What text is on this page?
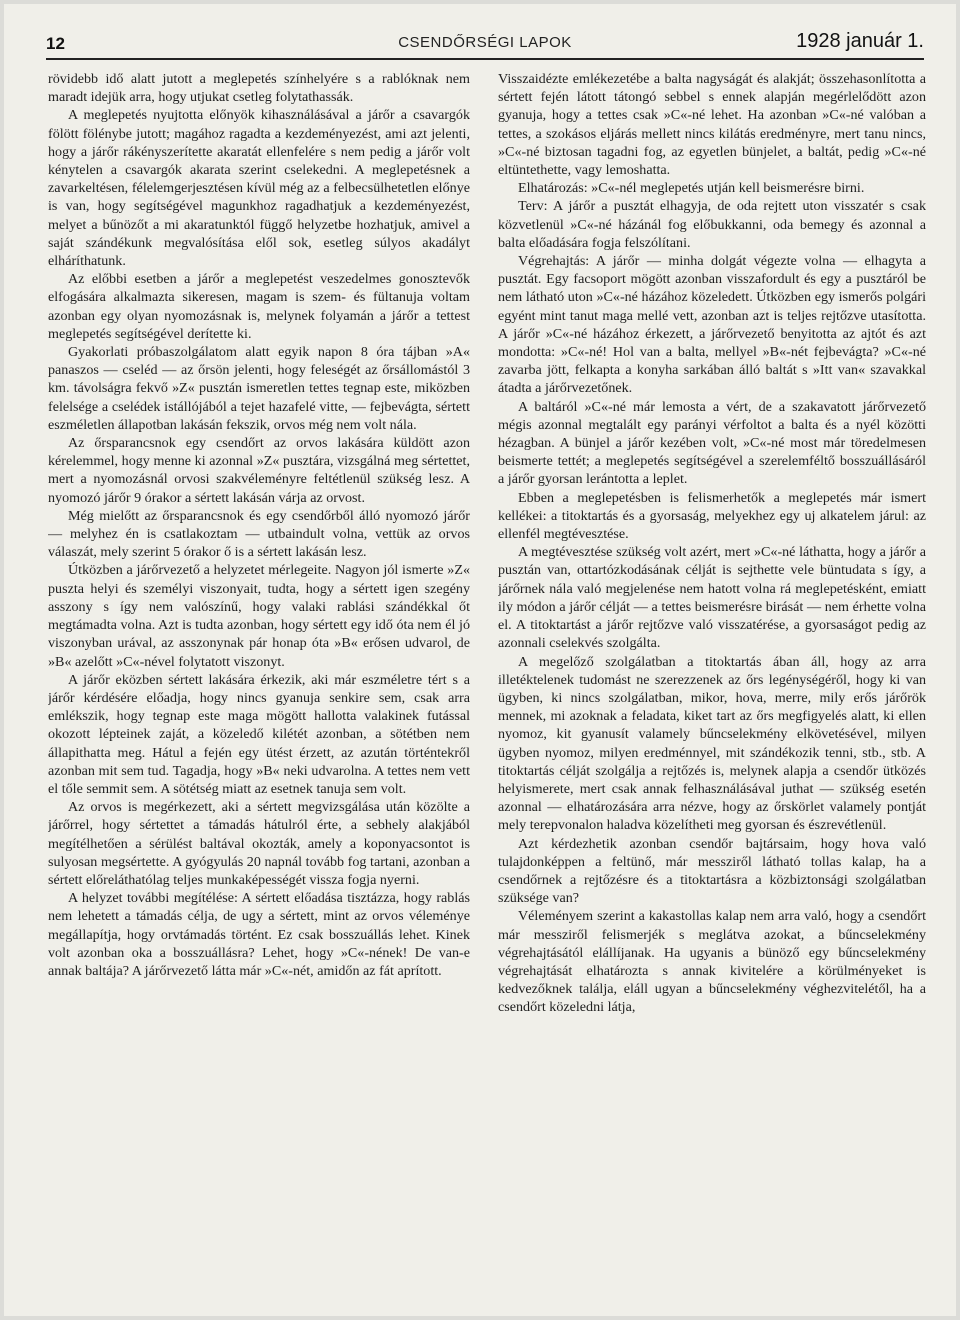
12	CSENDŐRSÉGI LAPOK	1928 január 1.

rövidebb idő alatt jutott a meglepetés színhelyére s a rablóknak nem maradt idejük arra, hogy utjukat csetleg folytathassák.

A meglepetés nyujtotta előnyök kihasználásával a járőr a csavargók fölött fölénybe jutott; magához ragadta a kezdeményezést, ami azt jelenti, hogy a járőr rákényszerítette akaratát ellenfelére s nem pedig a járőr volt kénytelen a csavargók akarata szerint cselekedni. A meglepetésnek a zavarkeltésen, félelemgerjesztésen kívül még az a felbecsülhetetlen előnye is van, hogy segítségével magunkhoz ragadhatjuk a kezdeményezést, melyet a bűnözőt a mi akaratunktól függő helyzetbe hozhatjuk, amivel a saját szándékunk megvalósítása elől sok, esetleg súlyos akadályt elháríthatunk.

Az előbbi esetben a járőr a meglepetést veszedelmes gonosztevők elfogására alkalmazta sikeresen, magam is szem- és fültanuja voltam azonban egy olyan nyomozásnak is, melynek folyamán a járőr a tettest meglepetés segítségével derítette ki.

Gyakorlati próbaszolgálatom alatt egyik napon 8 óra tájban »A« panaszos — cseléd — az őrsön jelenti, hogy feleségét az őrsállomástól 3 km. távolságra fekvő »Z« pusztán ismeretlen tettes tegnap este, miközben felelsége a cselédek istállójából a tejet hazafelé vitte, — fejbevágta, sértett eszméletlen állapotban lakásán fekszik, orvos még nem volt nála.

Az őrsparancsnok egy csendőrt az orvos lakására küldött azon kérelemmel, hogy menne ki azonnal »Z« pusztára, vizsgálná meg sértettet, mert a nyomozásnál orvosi szakvéleményre feltétlenül szükség lesz. A nyomozó járőr 9 órakor a sértett lakásán várja az orvost.

Még mielőtt az őrsparancsnok és egy csendőrből álló nyomozó járőr — melyhez én is csatlakoztam — utbaindult volna, vettük az orvos válaszát, mely szerint 5 órakor ő is a sértett lakásán lesz.

Útközben a járőrvezető a helyzetet mérlegeite. Nagyon jól ismerte »Z« puszta helyi és személyi viszonyait, tudta, hogy a sértett igen szegény asszony s így nem valószínű, hogy valaki rablási szándékkal őt megtámadta volna. Azt is tudta azonban, hogy sértett egy idő óta nem él jó viszonyban urával, az asszonynak pár honap óta »B« erősen udvarol, de »B« azelőtt »C«-nével folytatott viszonyt.

A járőr eközben sértett lakására érkezik, aki már eszméletre tért s a járőr kérdésére előadja, hogy nincs gyanuja senkire sem, csak arra emlékszik, hogy tegnap este maga mögött hallotta valakinek futással okozott lépteinek zaját, a közeledő kilétét azonban, a sötétben nem állapithatta meg. Hátul a fején egy ütést érzett, az azután történtekről azonban mit sem tud. Tagadja, hogy »B« neki udvarolna. A tettes nem vett el tőle semmit sem. A sötétség miatt az esetnek tanuja sem volt.

Az orvos is megérkezett, aki a sértett megvizsgálása után közölte a járőrrel, hogy sértettet a támadás hátulról érte, a sebhely alakjából megítélhetően a sérülést baltával okozták, amely a koponyacsontot is sulyosan megsértette. A gyógyulás 20 napnál tovább fog tartani, azonban a sértett előreláthatólag teljes munkaképességét vissza fogja nyerni.

A helyzet további megítélése: A sértett előadása tisztázza, hogy rablás nem lehetett a támadás célja, de ugy a sértett, mint az orvos véleménye megállapítja, hogy orvtámadás történt. Ez csak bosszuállás lehet. Kinek volt azonban oka a bosszuállásra? Lehet, hogy »C«-nének! De van-e annak baltája? A járőrvezető látta már »C«-nét, amidőn az fát aprított.

Visszaidézte emlékezetébe a balta nagyságát és alakját; összehasonlította a sértett fején látott tátongó sebbel s ennek alapján megérlelődött azon gyanuja, hogy a tettes csak »C«-né lehet. Ha azonban »C«-né valóban a tettes, a szokásos eljárás mellett nincs kilátás eredményre, mert tanu nincs, »C«-né biztosan tagadni fog, az egyetlen bünjelet, a baltát, pedig »C«-né eltüntethette, vagy lemoshatta.

Elhatározás: »C«-nél meglepetés utján kell beismerésre birni.

Terv: A járőr a pusztát elhagyja, de oda rejtett uton visszatér s csak közvetlenül »C«-né házánál fog előbukkanni, oda bemegy és azonnal a balta előadására fogja felszólítani.

Végrehajtás: A járőr — minha dolgát végezte volna — elhagyta a pusztát. Egy facsoport mögött azonban visszafordult és egy a pusztáról be nem látható uton »C«-né házához közeledett. Útközben egy ismerős polgári egyént mint tanut maga mellé vett, azonban azt is teljes rejtőzve utasította. A járőr »C«-né házához érkezett, a járőrvezető benyitotta az ajtót és azt mondotta: »C«-né! Hol van a balta, mellyel »B«-nét fejbevágta? »C«-né zavarba jött, felkapta a konyha sarkában álló baltát s »Itt van« szavakkal átadta a járőrvezetőnek.

A baltáról »C«-né már lemosta a vért, de a szakavatott járőrvezető mégis azonnal megtalált egy parányi vérfoltot a balta és a nyél közötti hézagban. A bünjel a járőr kezében volt, »C«-né most már töredelmesen beismerte tettét; a meglepetés segítségével a szerelemféltő bosszuállásáról a járőr gyorsan lerántotta a leplet.

Ebben a meglepetésben is felismerhetők a meglepetés már ismert kellékei: a titoktartás és a gyorsaság, melyekhez egy uj alkatelem járul: az ellenfél megtévesztése.

A megtévesztése szükség volt azért, mert »C«-né láthatta, hogy a járőr a pusztán van, ottartózkodásának célját is sejthette vele büntudata s így, a járőrnek nála való megjelenése nem hatott volna rá meglepetésként, emiatt ily módon a járőr célját — a tettes beismerésre birását — nem érhette volna el. A titoktartást a járőr rejtőzve való visszatérése, a gyorsaságot pedig az azonnali cselekvés szolgálta.

A megelőző szolgálatban a titoktartás ában áll, hogy az arra illetéktelenek tudomást ne szerezzenek az őrs legénységéről, hogy ki van ügyben, ki nincs szolgálatban, mikor, hova, merre, mily erős járőrök mennek, mi azoknak a feladata, kiket tart az őrs megfigyelés alatt, ki ellen nyomoz, kit gyanusít valamely bűncselekmény elkövetésével, milyen ügyben nyomoz, milyen eredménnyel, mit szándékozik tenni, stb., stb. A titoktartás célját szolgálja a rejtőzés is, melynek alapja a csendőr ütközés helyismerete, mert csak annak felhasználásával juthat — szükség esetén azonnal — elhatározására arra nézve, hogy az őrskörlet valamely pontját mely terepvonalon haladva közelítheti meg gyorsan és észrevétlenül.

Azt kérdezhetik azonban csendőr bajtársaim, hogy hova való tulajdonképpen a feltünő, már messziről látható tollas kalap, ha a csendőrnek a rejtőzésre és a titoktartásra a közbiztonsági szolgálatban szüksége van?

Véleményem szerint a kakastollas kalap nem arra való, hogy a csendőrt már messziről felismerjék s meglátva azokat, a bűncselekmény végrehajtásától elállíjanak. Ha ugyanis a bünöző egy bűncselekmény végrehajtását elhatározta s annak kivitelére a körülményeket is kedvezőknek találja, eláll ugyan a bűncselekmény véghezvitelétől, ha a csendőrt közeledni látja,
